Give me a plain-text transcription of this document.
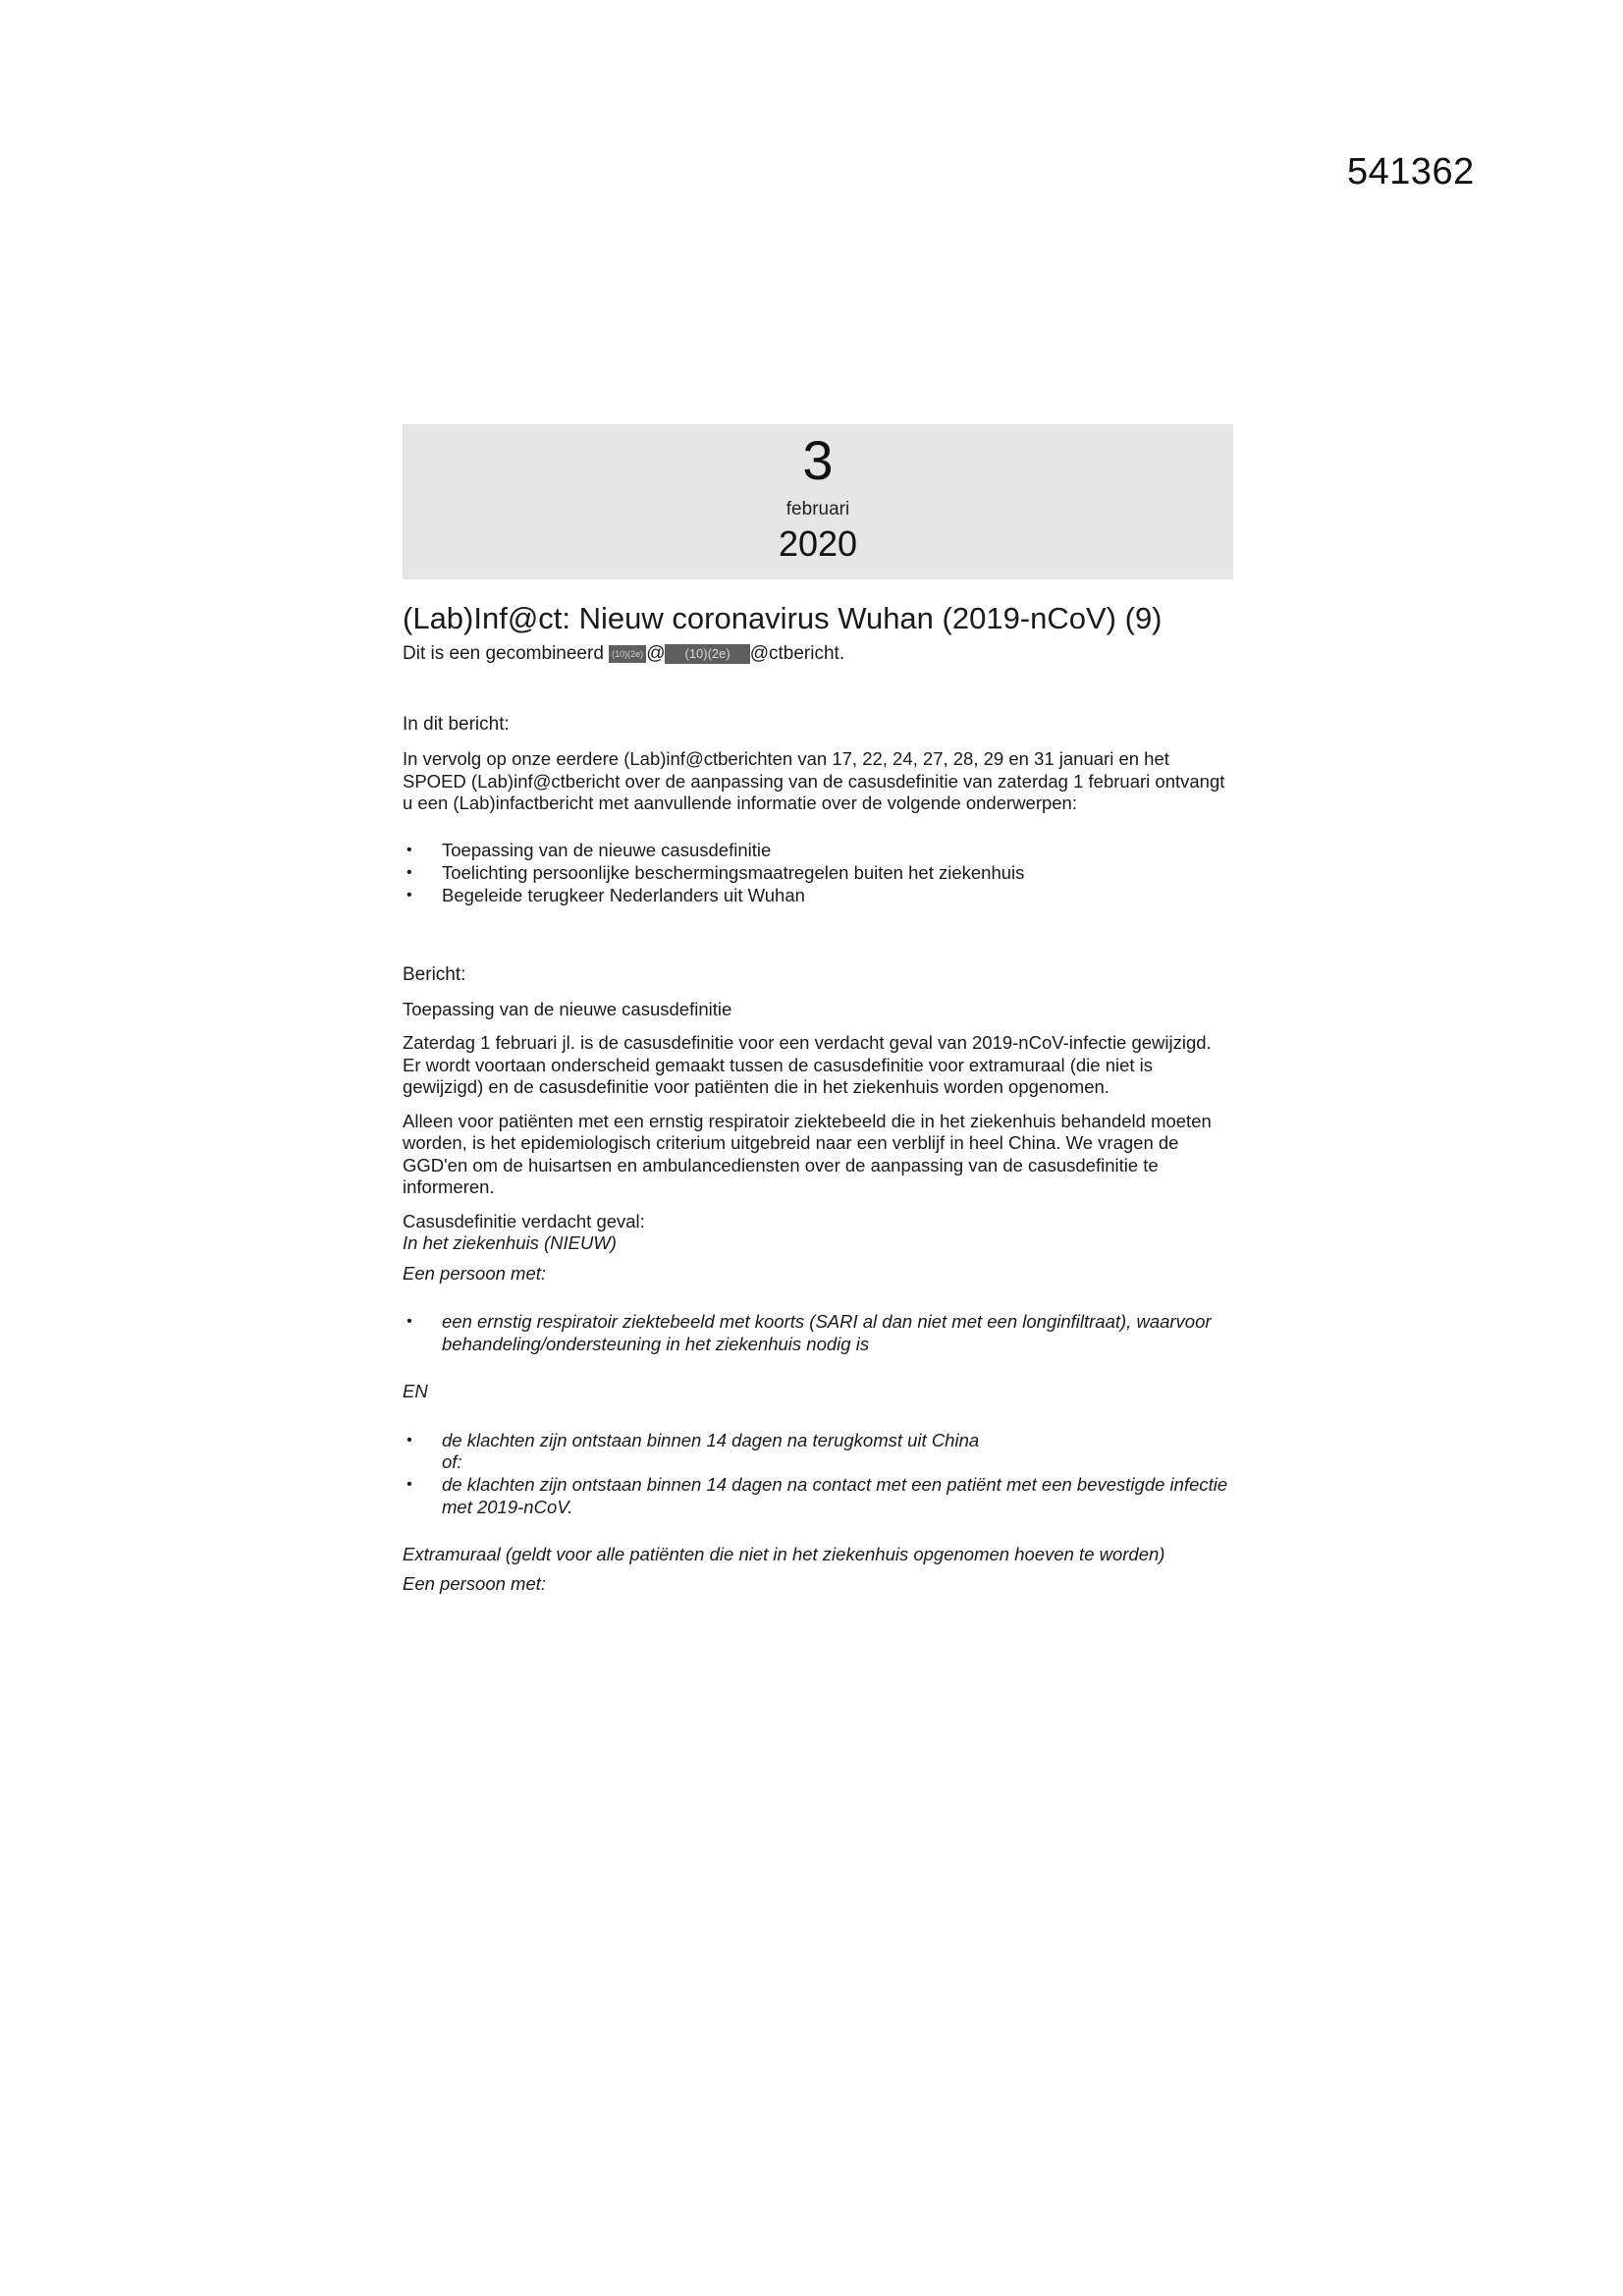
541362
3
februari
2020
(Lab)Inf@ct: Nieuw coronavirus Wuhan (2019-nCoV) (9)
Dit is een gecombineerd (10)(2e) @ (10)(2e) @ctbericht.
In dit bericht:

In vervolg op onze eerdere (Lab)inf@ctberichten van 17, 22, 24, 27, 28, 29 en 31 januari en het SPOED (Lab)inf@ctbericht over de aanpassing van de casusdefinitie van zaterdag 1 februari ontvangt u een (Lab)infactbericht met aanvullende informatie over de volgende onderwerpen:

• Toepassing van de nieuwe casusdefinitie
• Toelichting persoonlijke beschermingsmaatregelen buiten het ziekenhuis
• Begeleide terugkeer Nederlanders uit Wuhan
Bericht:

Toepassing van de nieuwe casusdefinitie

Zaterdag 1 februari jl. is de casusdefinitie voor een verdacht geval van 2019-nCoV-infectie gewijzigd. Er wordt voortaan onderscheid gemaakt tussen de casusdefinitie voor extramuraal (die niet is gewijzigd) en de casusdefinitie voor patiënten die in het ziekenhuis worden opgenomen.

Alleen voor patiënten met een ernstig respiratoir ziektebeeld die in het ziekenhuis behandeld moeten worden, is het epidemiologisch criterium uitgebreid naar een verblijf in heel China. We vragen de GGD'en om de huisartsen en ambulancediensten over de aanpassing van de casusdefinitie te informeren.

Casusdefinitie verdacht geval:

In het ziekenhuis (NIEUW)

Een persoon met:

• een ernstig respiratoir ziektebeeld met koorts (SARI al dan niet met een longinfiltraat), waarvoor behandeling/ondersteuning in het ziekenhuis nodig is

EN

• de klachten zijn ontstaan binnen 14 dagen na terugkomst uit China
of:
• de klachten zijn ontstaan binnen 14 dagen na contact met een patiënt met een bevestigde infectie met 2019-nCoV.

Extramuraal (geldt voor alle patiënten die niet in het ziekenhuis opgenomen hoeven te worden)

Een persoon met:
